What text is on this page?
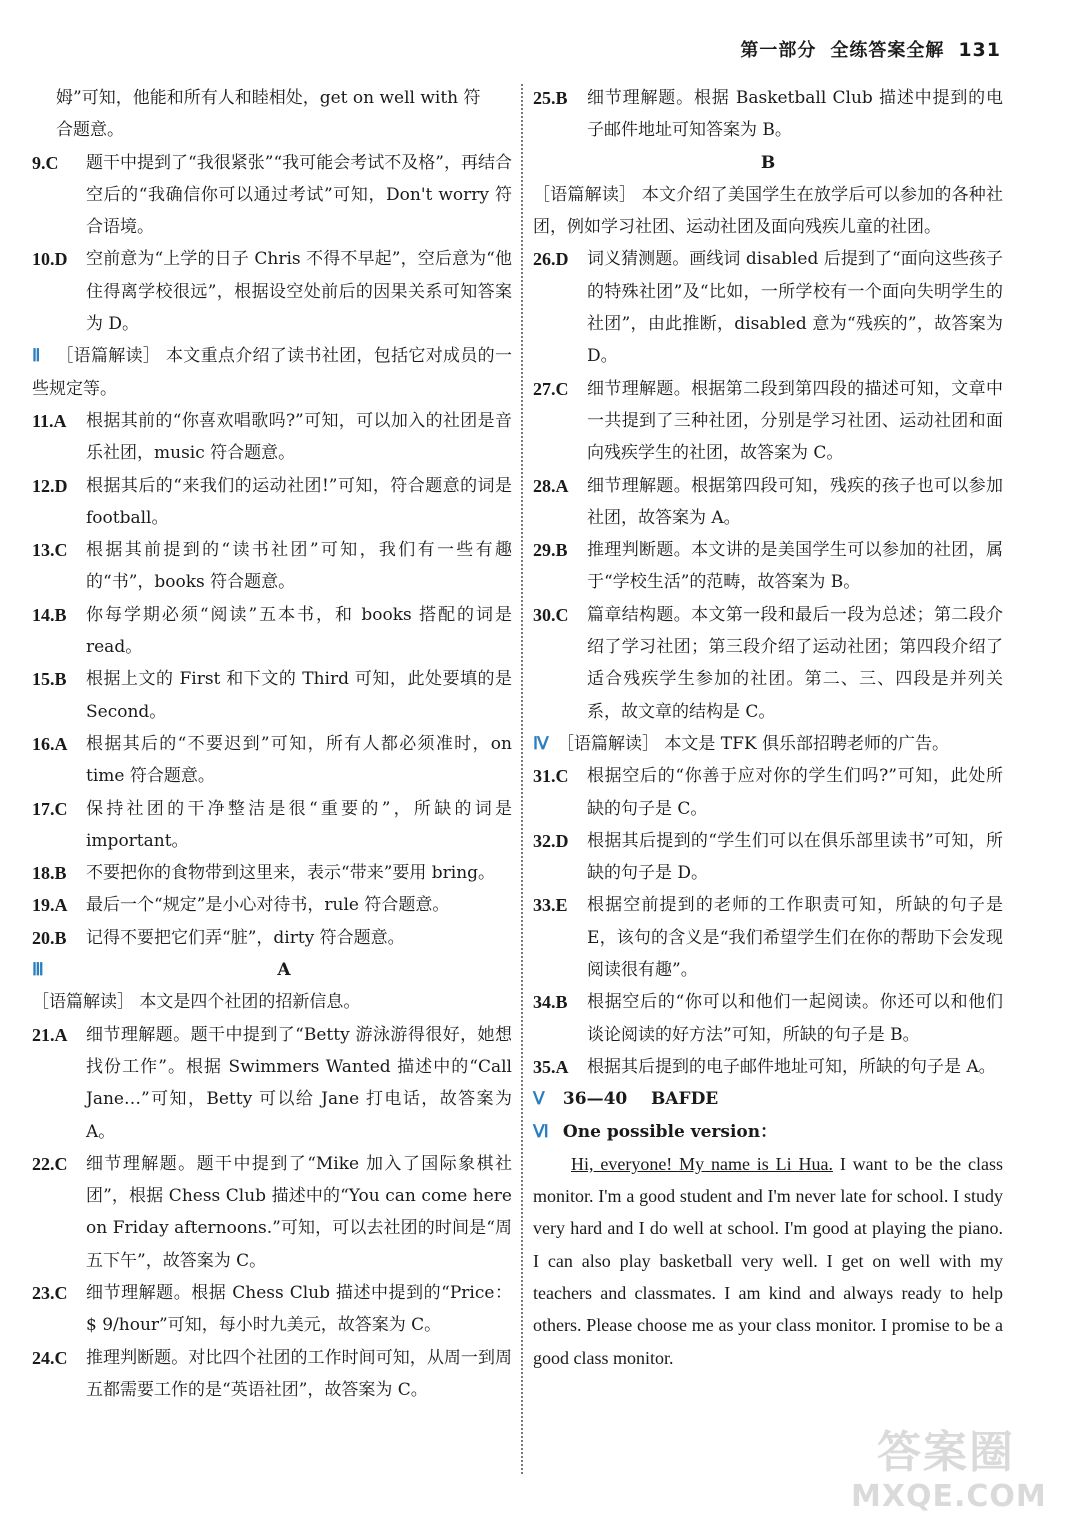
第一部分 全练答案全解 131

姆”可知，他能和所有人和睦相处，get on well with 符

合题意。

9.C	题干中提到了“我很紧张”“我可能会考试不及格”，再结合空后的“我确信你可以通过考试”可知，Don't worry 符合语境。
10.D	空前意为“上学的日子 Chris 不得不早起”，空后意为“他住得离学校很远”，根据设空处前后的因果关系可知答案为 D。

Ⅱ ［语篇解读］ 本文重点介绍了读书社团，包括它对成员的一些规定等。

11.A	根据其前的“你喜欢唱歌吗?”可知，可以加入的社团是音乐社团，music 符合题意。
12.D	根据其后的“来我们的运动社团!”可知，符合题意的词是 football。
13.C	根据其前提到的“读书社团”可知，我们有一些有趣的“书”，books 符合题意。
14.B	你每学期必须“阅读”五本书，和 books 搭配的词是 read。
15.B	根据上文的 First 和下文的 Third 可知，此处要填的是 Second。
16.A	根据其后的“不要迟到”可知，所有人都必须准时，on time 符合题意。
17.C	保持社团的干净整洁是很“重要的”，所缺的词是 important。
18.B	不要把你的食物带到这里来，表示“带来”要用 bring。
19.A	最后一个“规定”是小心对待书，rule 符合题意。
20.B	记得不要把它们弄“脏”，dirty 符合题意。
Ⅲ	A

［语篇解读］ 本文是四个社团的招新信息。

21.A	细节理解题。题干中提到了“Betty 游泳游得很好，她想找份工作”。根据 Swimmers Wanted 描述中的“Call Jane…”可知，Betty 可以给 Jane 打电话，故答案为 A。
22.C	细节理解题。题干中提到了“Mike 加入了国际象棋社团”，根据 Chess Club 描述中的“You can come here on Friday afternoons.”可知，可以去社团的时间是“周五下午”，故答案为 C。
23.C	细节理解题。根据 Chess Club 描述中提到的“Price：$ 9/hour”可知，每小时九美元，故答案为 C。
24.C	推理判断题。对比四个社团的工作时间可知，从周一到周五都需要工作的是“英语社团”，故答案为 C。
25.B	细节理解题。根据 Basketball Club 描述中提到的电子邮件地址可知答案为 B。

B

［语篇解读］ 本文介绍了美国学生在放学后可以参加的各种社团，例如学习社团、运动社团及面向残疾儿童的社团。

26.D	词义猜测题。画线词 disabled 后提到了“面向这些孩子的特殊社团”及“比如，一所学校有一个面向失明学生的社团”，由此推断，disabled 意为“残疾的”，故答案为 D。
27.C	细节理解题。根据第二段到第四段的描述可知，文章中一共提到了三种社团，分别是学习社团、运动社团和面向残疾学生的社团，故答案为 C。
28.A	细节理解题。根据第四段可知，残疾的孩子也可以参加社团，故答案为 A。
29.B	推理判断题。本文讲的是美国学生可以参加的社团，属于“学校生活”的范畴，故答案为 B。
30.C	篇章结构题。本文第一段和最后一段为总述；第二段介绍了学习社团；第三段介绍了运动社团；第四段介绍了适合残疾学生参加的社团。第二、三、四段是并列关系，故文章的结构是 C。

Ⅳ ［语篇解读］ 本文是 TFK 俱乐部招聘老师的广告。

31.C	根据空后的“你善于应对你的学生们吗?”可知，此处所缺的句子是 C。
32.D	根据其后提到的“学生们可以在俱乐部里读书”可知，所缺的句子是 D。
33.E	根据空前提到的老师的工作职责可知，所缺的句子是 E，该句的含义是“我们希望学生们在你的帮助下会发现阅读很有趣”。
34.B	根据空后的“你可以和他们一起阅读。你还可以和他们谈论阅读的好方法”可知，所缺的句子是 B。
35.A	根据其后提到的电子邮件地址可知，所缺的句子是 A。

Ⅴ 36—40 BAFDE

Ⅵ One possible version：

Hi, everyone! My name is Li Hua. I want to be the class monitor. I'm a good student and I'm never late for school. I study very hard and I do well at school. I'm good at playing the piano. I can also play basketball very well. I get on well with my teachers and classmates. I am kind and always ready to help others. Please choose me as your class monitor. I promise to be a good class monitor.

答案圈
MXQE.COM
